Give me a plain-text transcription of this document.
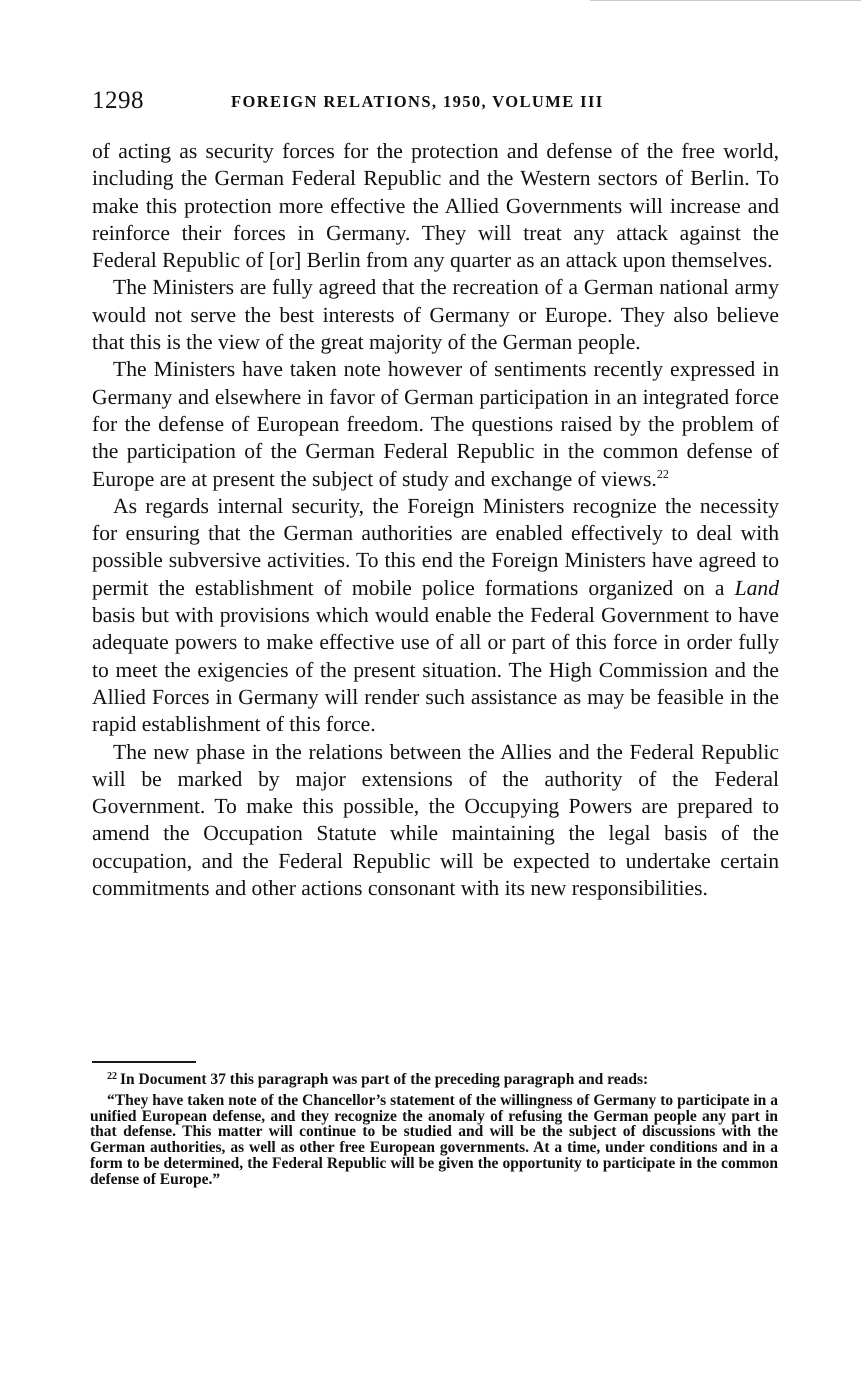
1298	FOREIGN RELATIONS, 1950, VOLUME III

of acting as security forces for the protection and defense of the free world, including the German Federal Republic and the Western sectors of Berlin. To make this protection more effective the Allied Governments will increase and reinforce their forces in Germany. They will treat any attack against the Federal Republic of [or] Berlin from any quarter as an attack upon themselves.

The Ministers are fully agreed that the recreation of a German national army would not serve the best interests of Germany or Europe. They also believe that this is the view of the great majority of the German people.

The Ministers have taken note however of sentiments recently expressed in Germany and elsewhere in favor of German participation in an integrated force for the defense of European freedom. The questions raised by the problem of the participation of the German Federal Republic in the common defense of Europe are at present the subject of study and exchange of views.$^{22}$

As regards internal security, the Foreign Ministers recognize the necessity for ensuring that the German authorities are enabled effectively to deal with possible subversive activities. To this end the Foreign Ministers have agreed to permit the establishment of mobile police formations organized on a Land basis but with provisions which would enable the Federal Government to have adequate powers to make effective use of all or part of this force in order fully to meet the exigencies of the present situation. The High Commission and the Allied Forces in Germany will render such assistance as may be feasible in the rapid establishment of this force.

The new phase in the relations between the Allies and the Federal Republic will be marked by major extensions of the authority of the Federal Government. To make this possible, the Occupying Powers are prepared to amend the Occupation Statute while maintaining the legal basis of the occupation, and the Federal Republic will be expected to undertake certain commitments and other actions consonant with its new responsibilities.

$^{22}$ In Document 37 this paragraph was part of the preceding paragraph and reads:

“They have taken note of the Chancellor’s statement of the willingness of Germany to participate in a unified European defense, and they recognize the anomaly of refusing the German people any part in that defense. This matter will continue to be studied and will be the subject of discussions with the German authorities, as well as other free European governments. At a time, under conditions and in a form to be determined, the Federal Republic will be given the opportunity to participate in the common defense of Europe.”
